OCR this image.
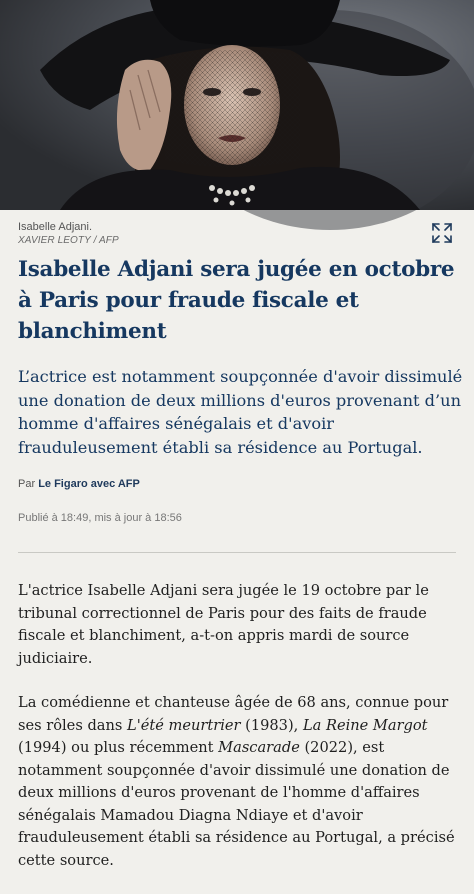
Isabelle Adjani.
XAVIER LEOTY / AFP
Isabelle Adjani sera jugée en octobre à Paris pour fraude fiscale et blanchiment

L’actrice est notamment soupçonnée d'avoir dissimulé une donation de deux millions d'euros provenant d’un homme d'affaires sénégalais et d'avoir frauduleusement établi sa résidence au Portugal.

Par Le Figaro avec AFP
Publié à 18:49, mis à jour à 18:56

L'actrice Isabelle Adjani sera jugée le 19 octobre par le tribunal correctionnel de Paris pour des faits de fraude fiscale et blanchiment, a-t-on appris mardi de source judiciaire.

La comédienne et chanteuse âgée de 68 ans, connue pour ses rôles dans L'été meurtrier (1983), La Reine Margot (1994) ou plus récemment Mascarade (2022), est notamment soupçonnée d'avoir dissimulé une donation de deux millions d'euros provenant de l'homme d'affaires sénégalais Mamadou Diagna Ndiaye et d'avoir frauduleusement établi sa résidence au Portugal, a précisé cette source.
